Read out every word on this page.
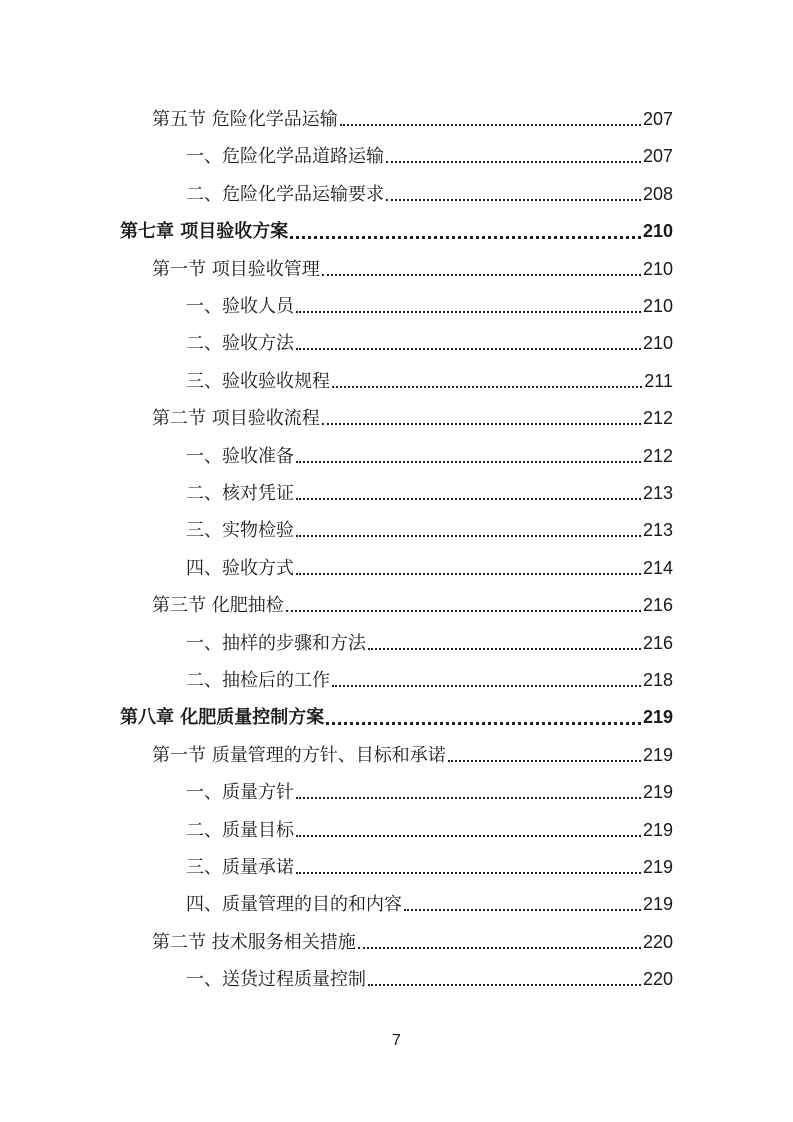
第五节 危险化学品运输	207
一、危险化学品道路运输	207
二、危险化学品运输要求	208
第七章 项目验收方案	210
第一节 项目验收管理	210
一、验收人员	210
二、验收方法	210
三、验收验收规程	211
第二节 项目验收流程	212
一、验收准备	212
二、核对凭证	213
三、实物检验	213
四、验收方式	214
第三节 化肥抽检	216
一、抽样的步骤和方法	216
二、抽检后的工作	218
第八章 化肥质量控制方案	219
第一节 质量管理的方针、目标和承诺	219
一、质量方针	219
二、质量目标	219
三、质量承诺	219
四、质量管理的目的和内容	219
第二节 技术服务相关措施	220
一、送货过程质量控制	220
7
